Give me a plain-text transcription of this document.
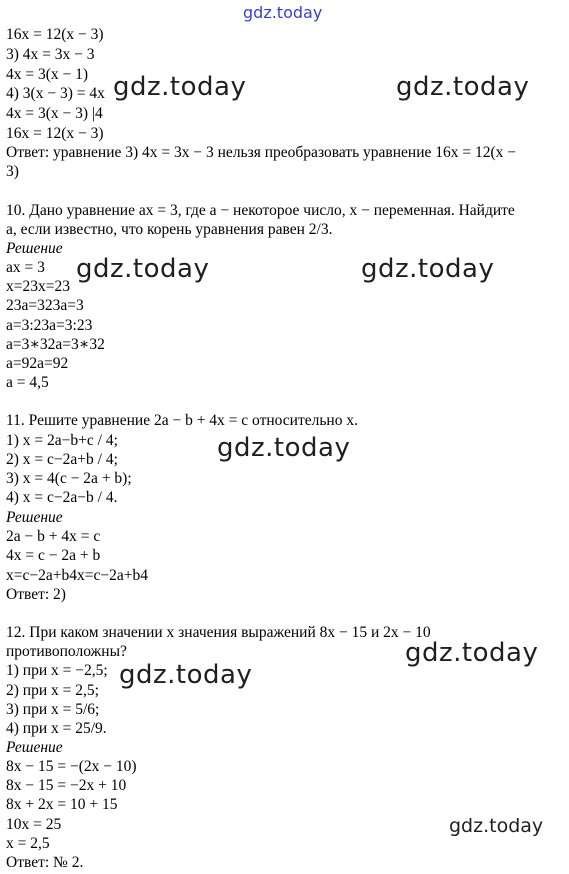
gdz.today
gdz.today	gdz.today
gdz.today	gdz.today
gdz.today
gdz.today
gdz.today
gdz.today
16x = 12(x − 3)
3) 4x = 3x − 3
4x = 3(x − 1)
4) 3(x − 3) = 4x
4x = 3(x − 3) |4
16x = 12(x − 3)
Ответ: уравнение 3) 4x = 3x − 3 нельзя преобразовать уравнение 16x = 12(x −
3)
10. Дано уравнение ax = 3, где a − некоторое число, x − переменная. Найдите
a, если известно, что корень уравнения равен 2/3.
Решение
ax = 3
x=23x=23
23a=323a=3
a=3:23a=3:23
a=3∗32a=3∗32
a=92a=92
a = 4,5
11. Решите уравнение 2a − b + 4x = c относительно x.
1) x = 2a−b+c / 4;
2) x = c−2a+b / 4;
3) x = 4(c − 2a + b);
4) x = c−2a−b / 4.
Решение
2a − b + 4x = c
4x = c − 2a + b
x=c−2a+b4x=c−2a+b4
Ответ: 2)
12. При каком значении x значения выражений 8x − 15 и 2x − 10
противоположны?
1) при x = −2,5;
2) при x = 2,5;
3) при x = 5/6;
4) при x = 25/9.
Решение
8x − 15 = −(2x − 10)
8x − 15 = −2x + 10
8x + 2x = 10 + 15
10x = 25
x = 2,5
Ответ: № 2.
